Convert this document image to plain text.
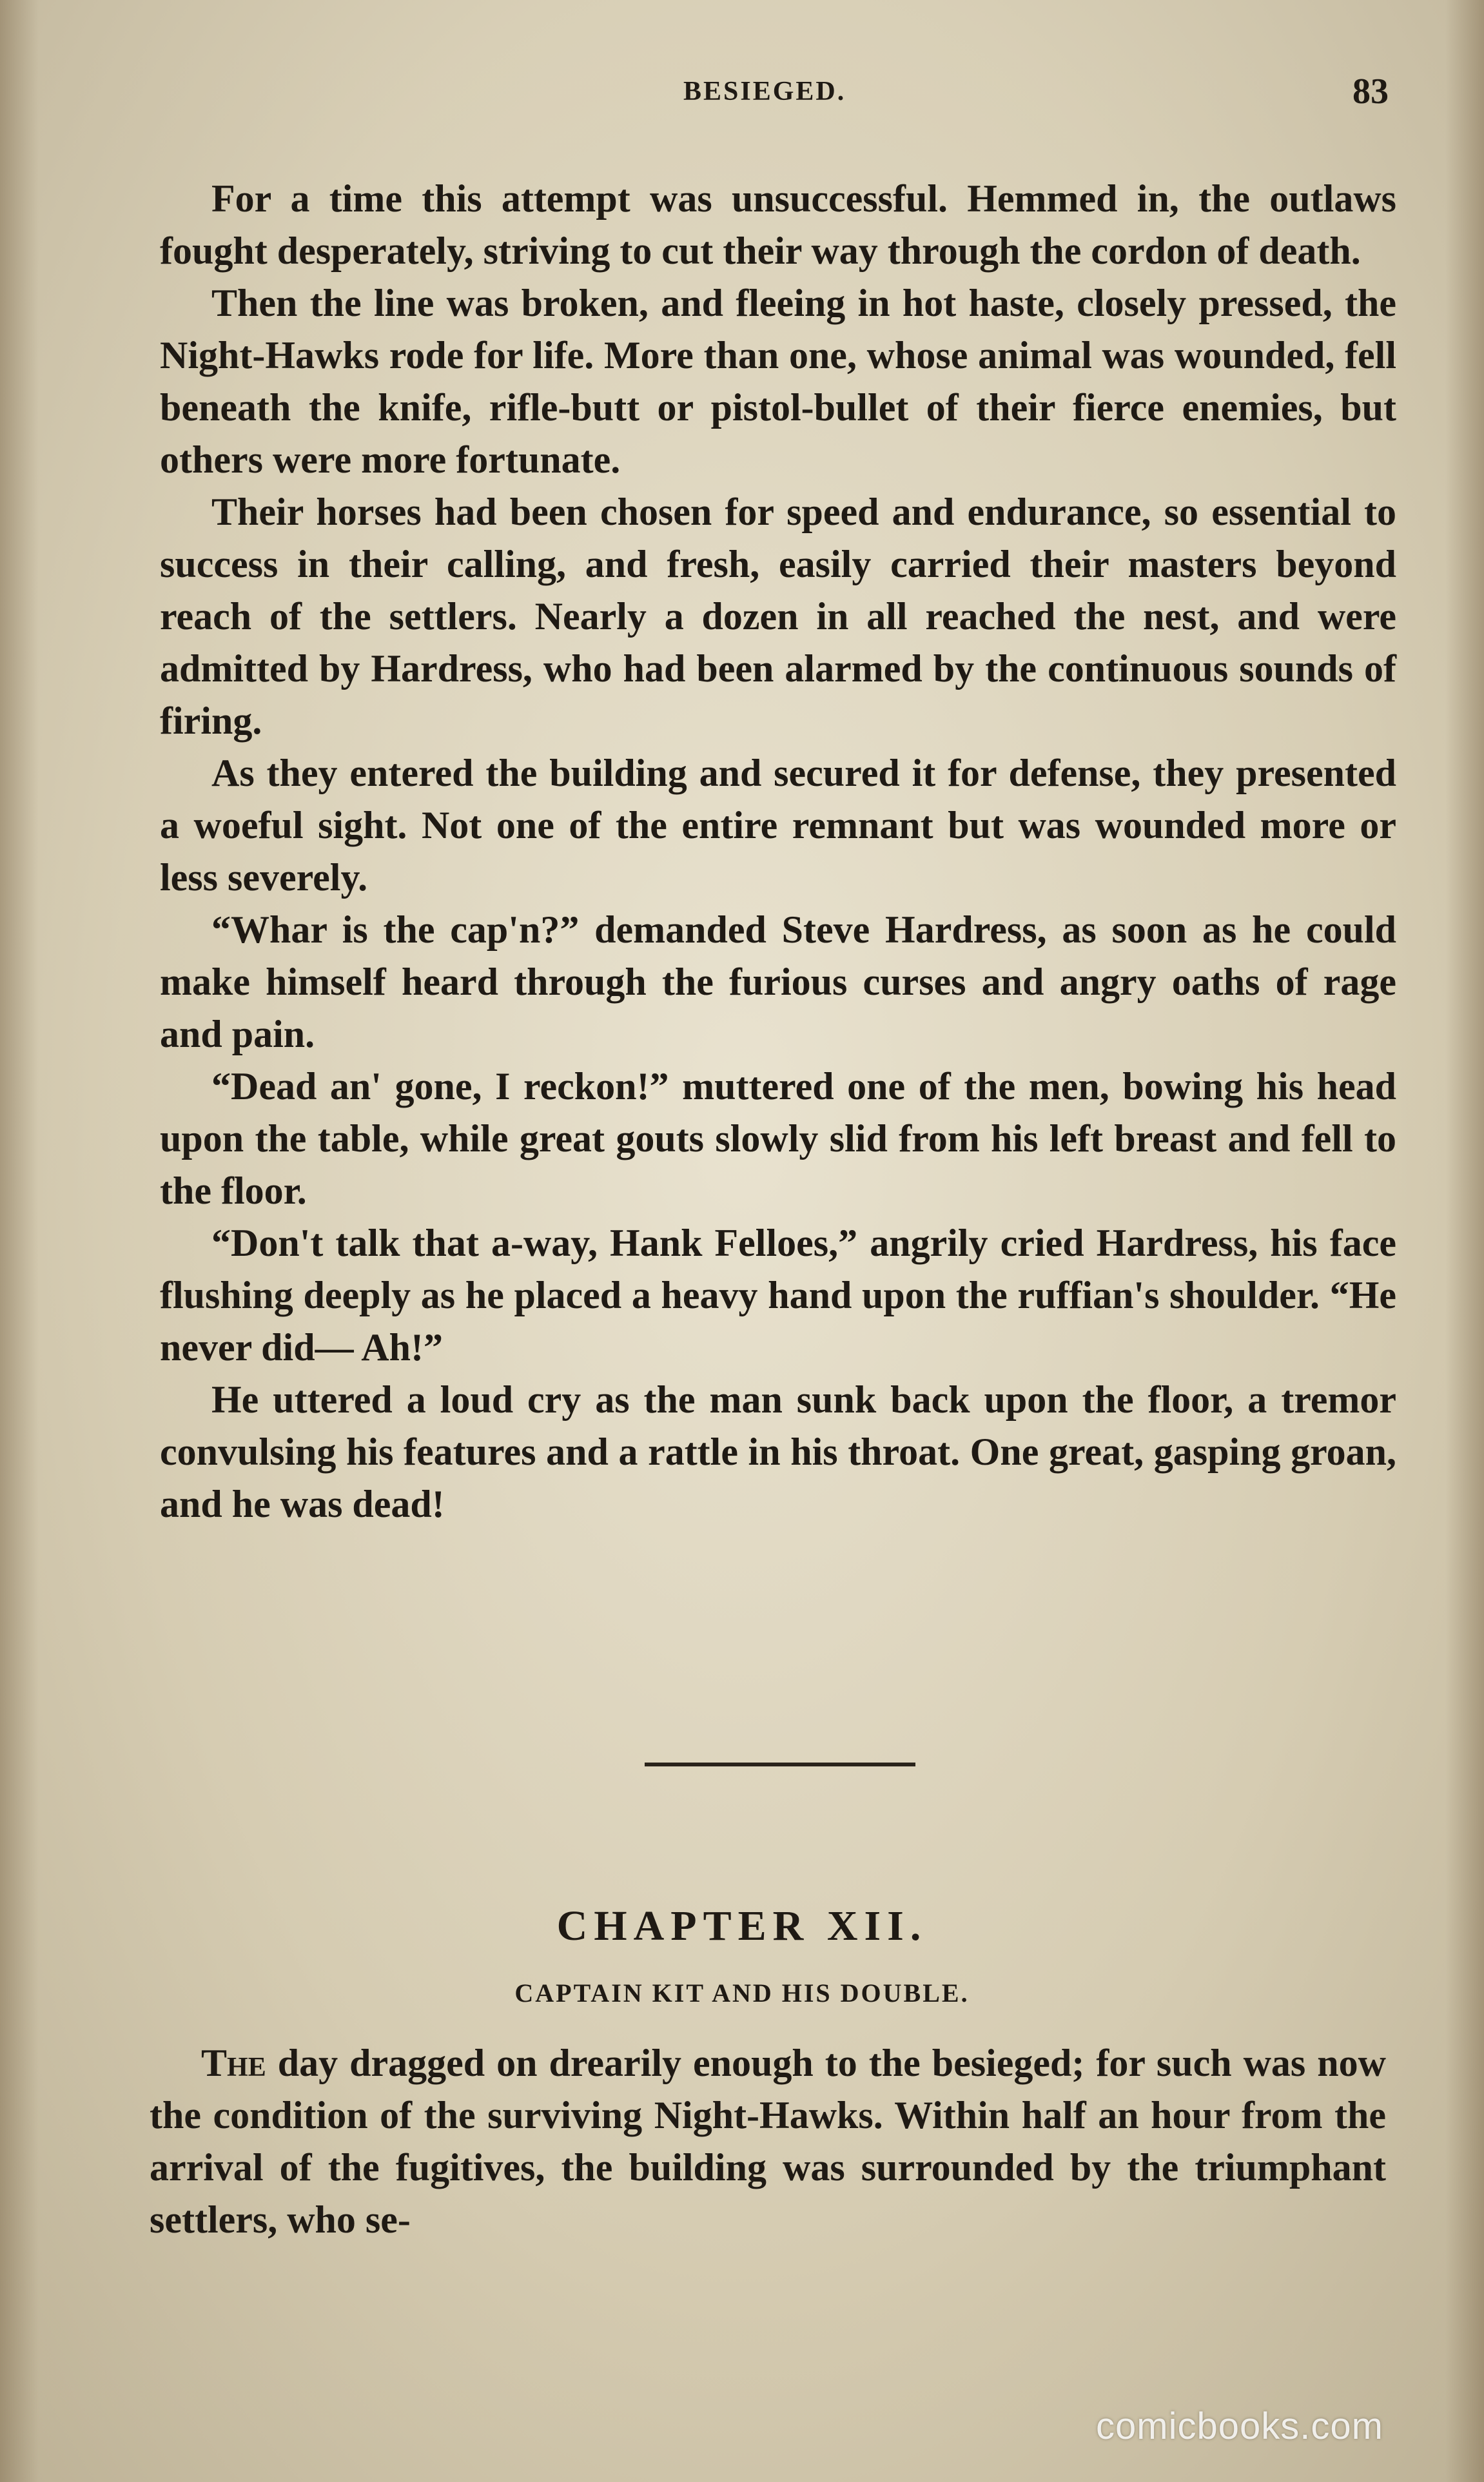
BESIEGED.	83

For a time this attempt was unsuccessful. Hemmed in, the outlaws fought desperately, striving to cut their way through the cordon of death.

Then the line was broken, and fleeing in hot haste, closely pressed, the Night-Hawks rode for life. More than one, whose animal was wounded, fell beneath the knife, rifle-butt or pistol-bullet of their fierce enemies, but others were more fortunate.

Their horses had been chosen for speed and endurance, so essential to success in their calling, and fresh, easily carried their masters beyond reach of the settlers. Nearly a dozen in all reached the nest, and were admitted by Hardress, who had been alarmed by the continuous sounds of firing.

As they entered the building and secured it for defense, they presented a woeful sight. Not one of the entire remnant but was wounded more or less severely.

“Whar is the cap'n?” demanded Steve Hardress, as soon as he could make himself heard through the furious curses and angry oaths of rage and pain.

“Dead an' gone, I reckon!” muttered one of the men, bowing his head upon the table, while great gouts slowly slid from his left breast and fell to the floor.

“Don't talk that a-way, Hank Felloes,” angrily cried Hardress, his face flushing deeply as he placed a heavy hand upon the ruffian's shoulder. “He never did— Ah!”

He uttered a loud cry as the man sunk back upon the floor, a tremor convulsing his features and a rattle in his throat. One great, gasping groan, and he was dead!

CHAPTER XII.
CAPTAIN KIT AND HIS DOUBLE.

The day dragged on drearily enough to the besieged; for such was now the condition of the surviving Night-Hawks. Within half an hour from the arrival of the fugitives, the building was surrounded by the triumphant settlers, who se-

comicbooks.com
